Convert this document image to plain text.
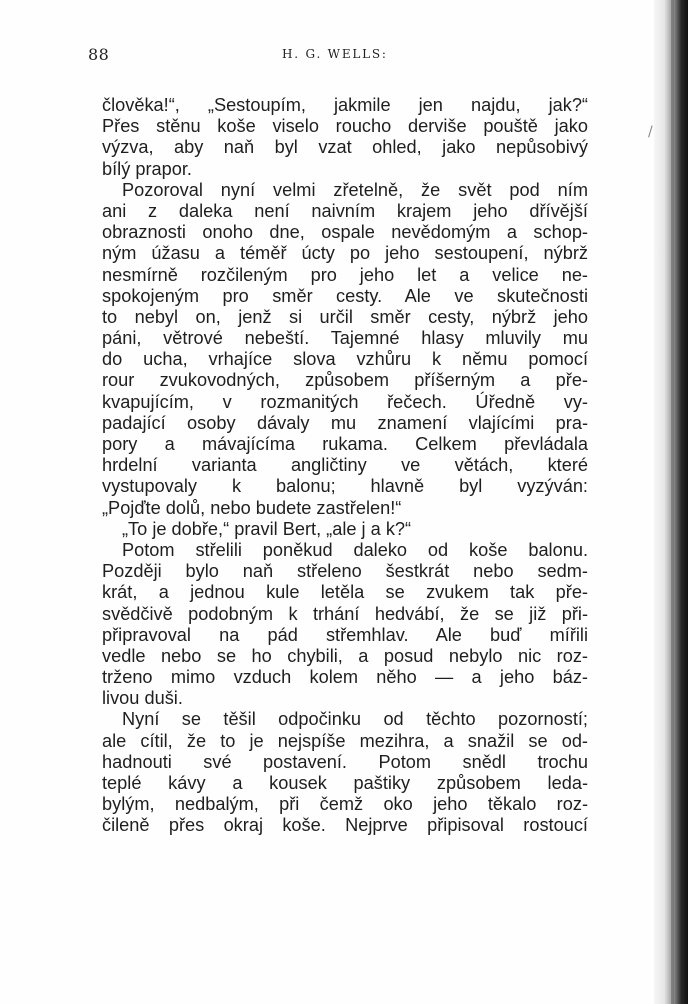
88	H. G. WELLS:
/
člověka!“, „Sestoupím, jakmile jen najdu, jak?“
Přes stěnu koše viselo roucho derviše pouště jako
výzva, aby naň byl vzat ohled, jako nepůsobivý
bílý prapor.
Pozoroval nyní velmi zřetelně, že svět pod ním
ani z daleka není naivním krajem jeho dřívější
obraznosti onoho dne, ospale nevědomým a schop-
ným úžasu a téměř úcty po jeho sestoupení, nýbrž
nesmírně rozčileným pro jeho let a velice ne-
spokojeným pro směr cesty. Ale ve skutečnosti
to nebyl on, jenž si určil směr cesty, nýbrž jeho
páni, větrové nebeští. Tajemné hlasy mluvily mu
do ucha, vrhajíce slova vzhůru k němu pomocí
rour zvukovodných, způsobem příšerným a pře-
kvapujícím, v rozmanitých řečech. Úředně vy-
padající osoby dávaly mu znamení vlajícími pra-
pory a mávajícíma rukama. Celkem převládala
hrdelní varianta angličtiny ve větách, které
vystupovaly k balonu; hlavně byl vyzýván:
„Pojďte dolů, nebo budete zastřelen!“
„To je dobře,“ pravil Bert, „ale j a k?“
Potom střelili poněkud daleko od koše balonu.
Později bylo naň střeleno šestkrát nebo sedm-
krát, a jednou kule letěla se zvukem tak pře-
svědčivě podobným k trhání hedvábí, že se již při-
připravoval na pád střemhlav. Ale buď mířili
vedle nebo se ho chybili, a posud nebylo nic roz-
trženo mimo vzduch kolem něho — a jeho báz-
livou duši.
Nyní se těšil odpočinku od těchto pozorností;
ale cítil, že to je nejspíše mezihra, a snažil se od-
hadnouti své postavení. Potom snědl trochu
teplé kávy a kousek paštiky způsobem leda-
bylým, nedbalým, při čemž oko jeho těkalo roz-
čileně přes okraj koše. Nejprve připisoval rostoucí
